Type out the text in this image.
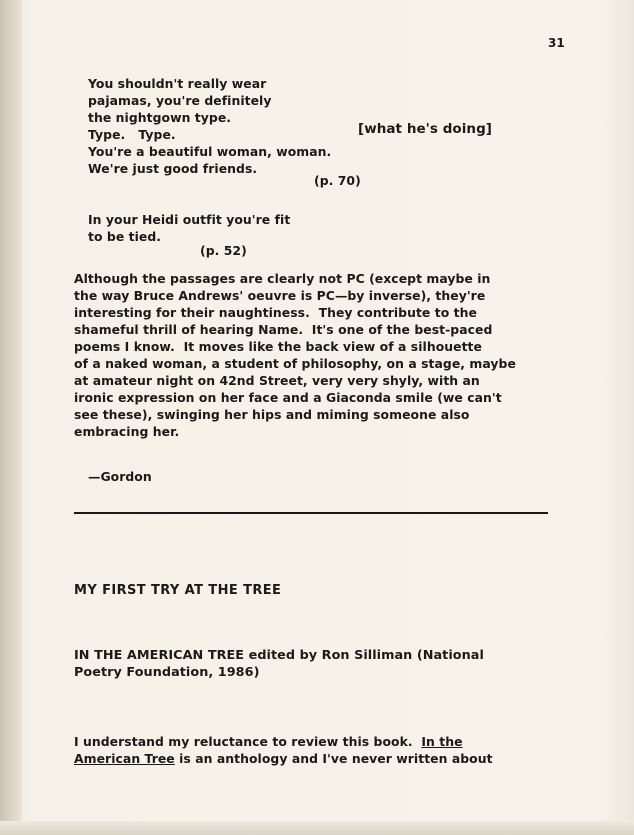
31
You shouldn't really wear
pajamas, you're definitely
the nightgown type.
Type.   Type.	[what he's doing]
You're a beautiful woman, woman.
We're just good friends.
(p. 70)
In your Heidi outfit you're fit
to be tied.
(p. 52)
Although the passages are clearly not PC (except maybe in
the way Bruce Andrews' oeuvre is PC—by inverse), they're
interesting for their naughtiness.  They contribute to the
shameful thrill of hearing Name.  It's one of the best-paced
poems I know.  It moves like the back view of a silhouette
of a naked woman, a student of philosophy, on a stage, maybe
at amateur night on 42nd Street, very very shyly, with an
ironic expression on her face and a Giaconda smile (we can't
see these), swinging her hips and miming someone also
embracing her.
—Gordon
MY FIRST TRY AT THE TREE
IN THE AMERICAN TREE edited by Ron Silliman (National
Poetry Foundation, 1986)
I understand my reluctance to review this book.  In the
American Tree is an anthology and I've never written about
